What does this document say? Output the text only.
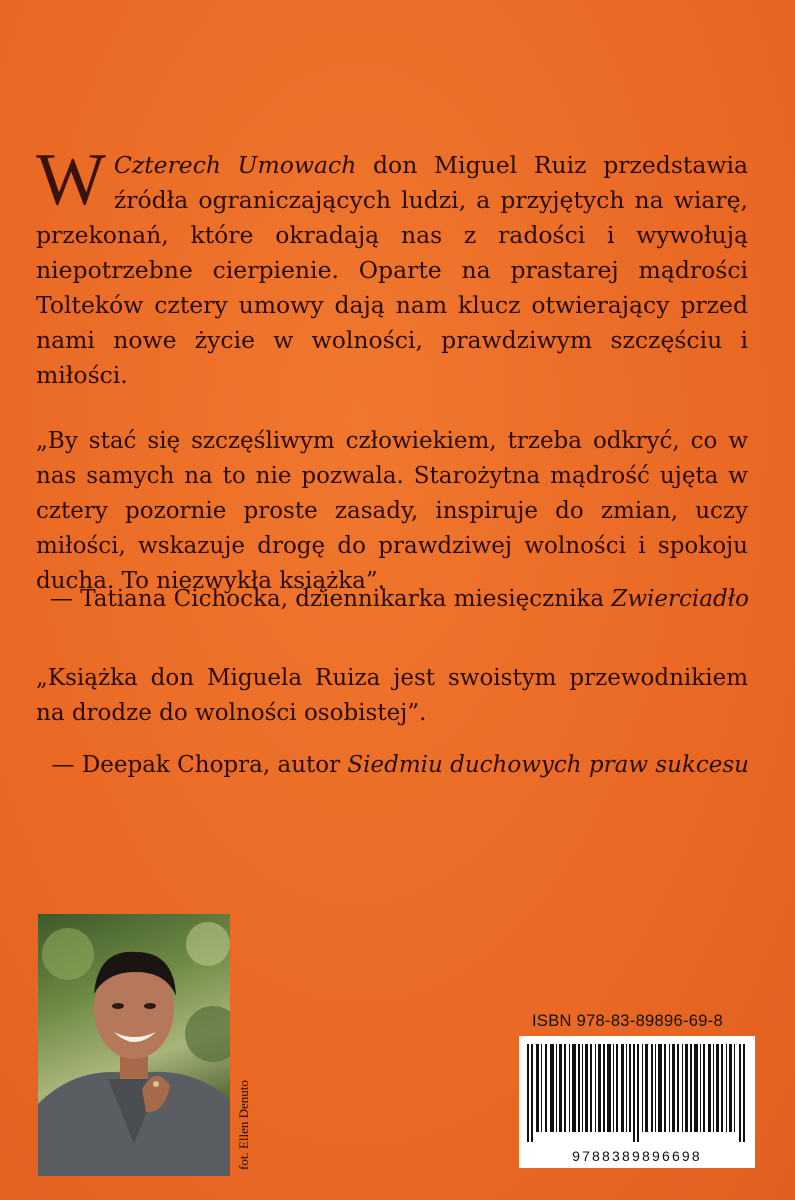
W Czterech Umowach don Miguel Ruiz przedstawia źródła ograniczających ludzi, a przyjętych na wiarę, przekonań, które okradają nas z radości i wywołują niepotrzebne cierpienie. Oparte na prastarej mądrości Tolteków cztery umowy dają nam klucz otwierający przed nami nowe życie w wolności, prawdziwym szczęściu i miłości.

„By stać się szczęśliwym człowiekiem, trzeba odkryć, co w nas samych na to nie pozwala. Starożytna mądrość ujęta w cztery pozornie proste zasady, inspiruje do zmian, uczy miłości, wskazuje drogę do prawdziwej wolności i spokoju ducha. To niezwykła książka”.

— Tatiana Cichocka, dziennikarka miesięcznika Zwierciadło

„Książka don Miguela Ruiza jest swoistym przewodnikiem na drodze do wolności osobistej”.

— Deepak Chopra, autor Siedmiu duchowych praw sukcesu
fot. Ellen Denuto
ISBN 978-83-89896-69-8
9788389896698
